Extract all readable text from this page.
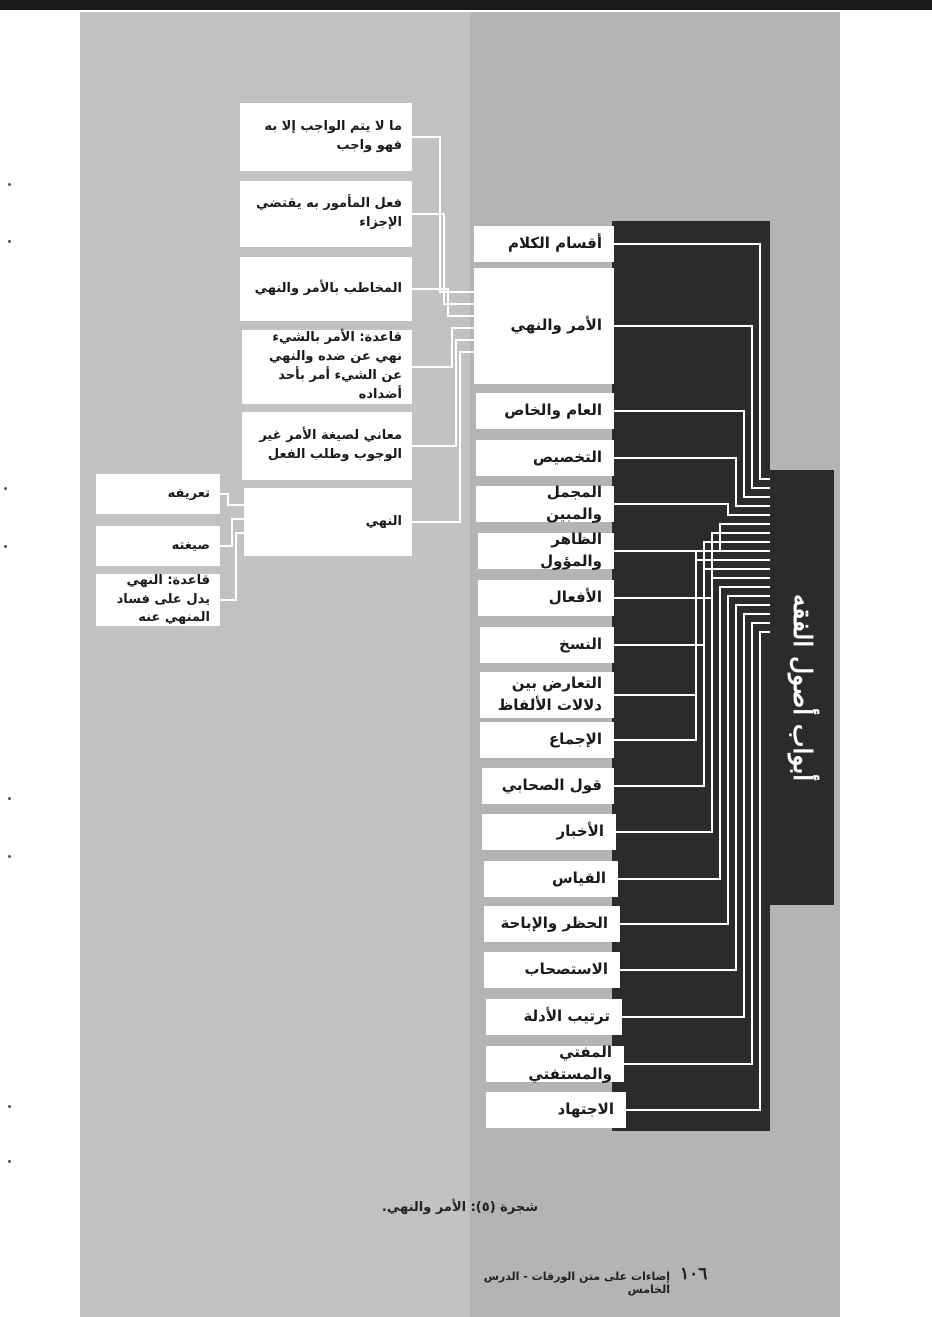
أبواب أصول الفقه
أقسام الكلام
الأمر والنهي
العام والخاص
التخصيص
المجمل والمبين
الظاهر والمؤول
الأفعال
النسخ
التعارض بين دلالات الألفاظ
الإجماع
قول الصحابي
الأخبار
القياس
الحظر والإباحة
الاستصحاب
ترتيب الأدلة
المفتي والمستفتي
الاجتهاد
ما لا يتم الواجب إلا به فهو واجب
فعل المأمور به يقتضي الإجزاء
المخاطب بالأمر والنهي
قاعدة: الأمر بالشيء نهي عن ضده والنهي عن الشيء أمر بأحد أضداده
معاني لصيغة الأمر غير الوجوب وطلب الفعل
النهي
تعريفه
صيغته
قاعدة: النهي يدل على فساد المنهي عنه
شجرة (٥): الأمر والنهي.
إضاءات على متن الورقات - الدرس الخامس
١٠٦
